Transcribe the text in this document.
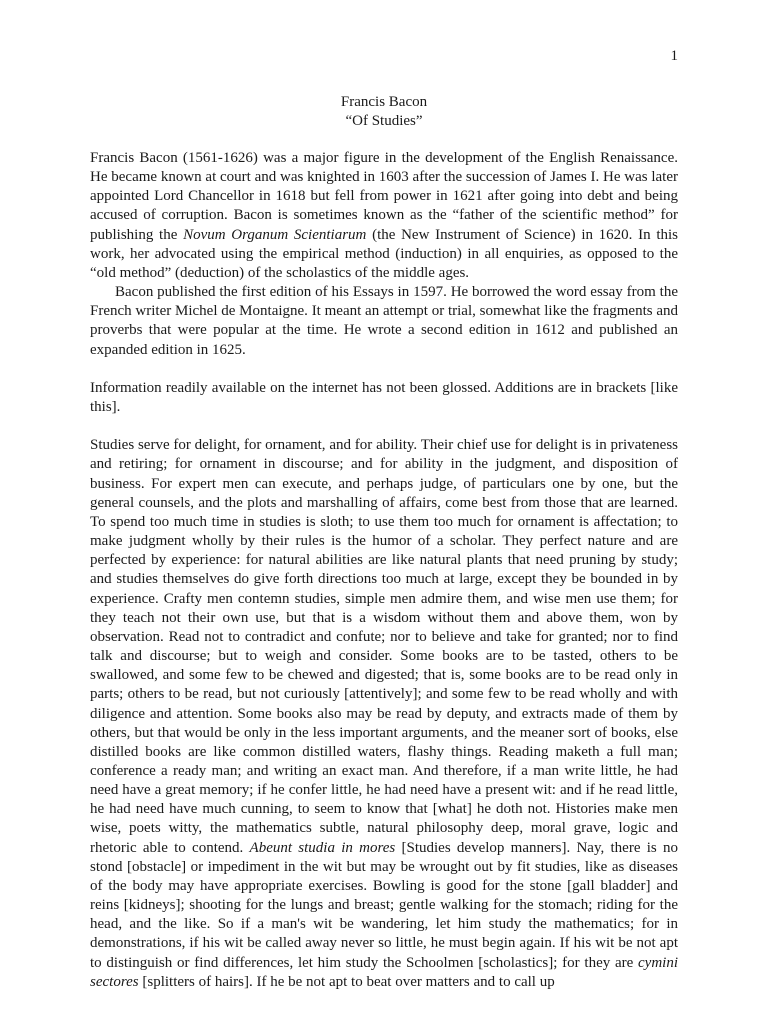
1
Francis Bacon
“Of Studies”

Francis Bacon (1561-1626) was a major figure in the development of the English Renaissance. He became known at court and was knighted in 1603 after the succession of James I. He was later appointed Lord Chancellor in 1618 but fell from power in 1621 after going into debt and being accused of corruption. Bacon is sometimes known as the “father of the scientific method” for publishing the Novum Organum Scientiarum (the New Instrument of Science) in 1620. In this work, her advocated using the empirical method (induction) in all enquiries, as opposed to the “old method” (deduction) of the scholastics of the middle ages.

Bacon published the first edition of his Essays in 1597. He borrowed the word essay from the French writer Michel de Montaigne. It meant an attempt or trial, somewhat like the fragments and proverbs that were popular at the time. He wrote a second edition in 1612 and published an expanded edition in 1625.

Information readily available on the internet has not been glossed. Additions are in brackets [like this].

Studies serve for delight, for ornament, and for ability. Their chief use for delight is in privateness and retiring; for ornament in discourse; and for ability in the judgment, and disposition of business. For expert men can execute, and perhaps judge, of particulars one by one, but the general counsels, and the plots and marshalling of affairs, come best from those that are learned. To spend too much time in studies is sloth; to use them too much for ornament is affectation; to make judgment wholly by their rules is the humor of a scholar. They perfect nature and are perfected by experience: for natural abilities are like natural plants that need pruning by study; and studies themselves do give forth directions too much at large, except they be bounded in by experience. Crafty men contemn studies, simple men admire them, and wise men use them; for they teach not their own use, but that is a wisdom without them and above them, won by observation. Read not to contradict and confute; nor to believe and take for granted; nor to find talk and discourse; but to weigh and consider. Some books are to be tasted, others to be swallowed, and some few to be chewed and digested; that is, some books are to be read only in parts; others to be read, but not curiously [attentively]; and some few to be read wholly and with diligence and attention. Some books also may be read by deputy, and extracts made of them by others, but that would be only in the less important arguments, and the meaner sort of books, else distilled books are like common distilled waters, flashy things. Reading maketh a full man; conference a ready man; and writing an exact man. And therefore, if a man write little, he had need have a great memory; if he confer little, he had need have a present wit: and if he read little, he had need have much cunning, to seem to know that [what] he doth not. Histories make men wise, poets witty, the mathematics subtle, natural philosophy deep, moral grave, logic and rhetoric able to contend. Abeunt studia in mores [Studies develop manners]. Nay, there is no stond [obstacle] or impediment in the wit but may be wrought out by fit studies, like as diseases of the body may have appropriate exercises. Bowling is good for the stone [gall bladder] and reins [kidneys]; shooting for the lungs and breast; gentle walking for the stomach; riding for the head, and the like. So if a man's wit be wandering, let him study the mathematics; for in demonstrations, if his wit be called away never so little, he must begin again. If his wit be not apt to distinguish or find differences, let him study the Schoolmen [scholastics]; for they are cymini sectores [splitters of hairs]. If he be not apt to beat over matters and to call up
